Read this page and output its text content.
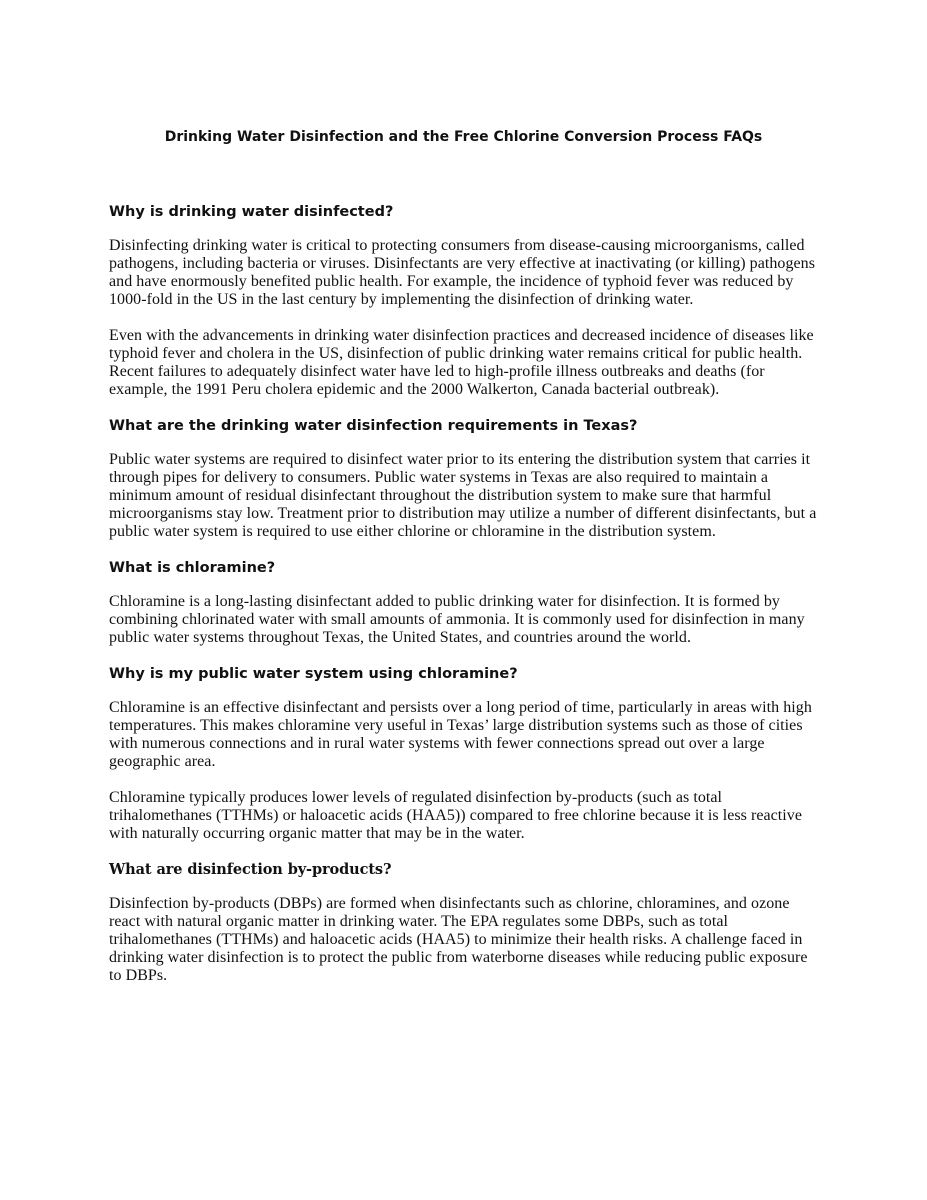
Drinking Water Disinfection and the Free Chlorine Conversion Process FAQs
Why is drinking water disinfected?

Disinfecting drinking water is critical to protecting consumers from disease-causing microorganisms, called pathogens, including bacteria or viruses. Disinfectants are very effective at inactivating (or killing) pathogens and have enormously benefited public health. For example, the incidence of typhoid fever was reduced by 1000-fold in the US in the last century by implementing the disinfection of drinking water.

Even with the advancements in drinking water disinfection practices and decreased incidence of diseases like typhoid fever and cholera in the US, disinfection of public drinking water remains critical for public health. Recent failures to adequately disinfect water have led to high-profile illness outbreaks and deaths (for example, the 1991 Peru cholera epidemic and the 2000 Walkerton, Canada bacterial outbreak).

What are the drinking water disinfection requirements in Texas?

Public water systems are required to disinfect water prior to its entering the distribution system that carries it through pipes for delivery to consumers. Public water systems in Texas are also required to maintain a minimum amount of residual disinfectant throughout the distribution system to make sure that harmful microorganisms stay low. Treatment prior to distribution may utilize a number of different disinfectants, but a public water system is required to use either chlorine or chloramine in the distribution system.

What is chloramine?

Chloramine is a long-lasting disinfectant added to public drinking water for disinfection. It is formed by combining chlorinated water with small amounts of ammonia. It is commonly used for disinfection in many public water systems throughout Texas, the United States, and countries around the world.

Why is my public water system using chloramine?

Chloramine is an effective disinfectant and persists over a long period of time, particularly in areas with high temperatures. This makes chloramine very useful in Texas’ large distribution systems such as those of cities with numerous connections and in rural water systems with fewer connections spread out over a large geographic area.

Chloramine typically produces lower levels of regulated disinfection by-products (such as total trihalomethanes (TTHMs) or haloacetic acids (HAA5)) compared to free chlorine because it is less reactive with naturally occurring organic matter that may be in the water.

What are disinfection by-products?

Disinfection by-products (DBPs) are formed when disinfectants such as chlorine, chloramines, and ozone react with natural organic matter in drinking water. The EPA regulates some DBPs, such as total trihalomethanes (TTHMs) and haloacetic acids (HAA5) to minimize their health risks. A challenge faced in drinking water disinfection is to protect the public from waterborne diseases while reducing public exposure to DBPs.
